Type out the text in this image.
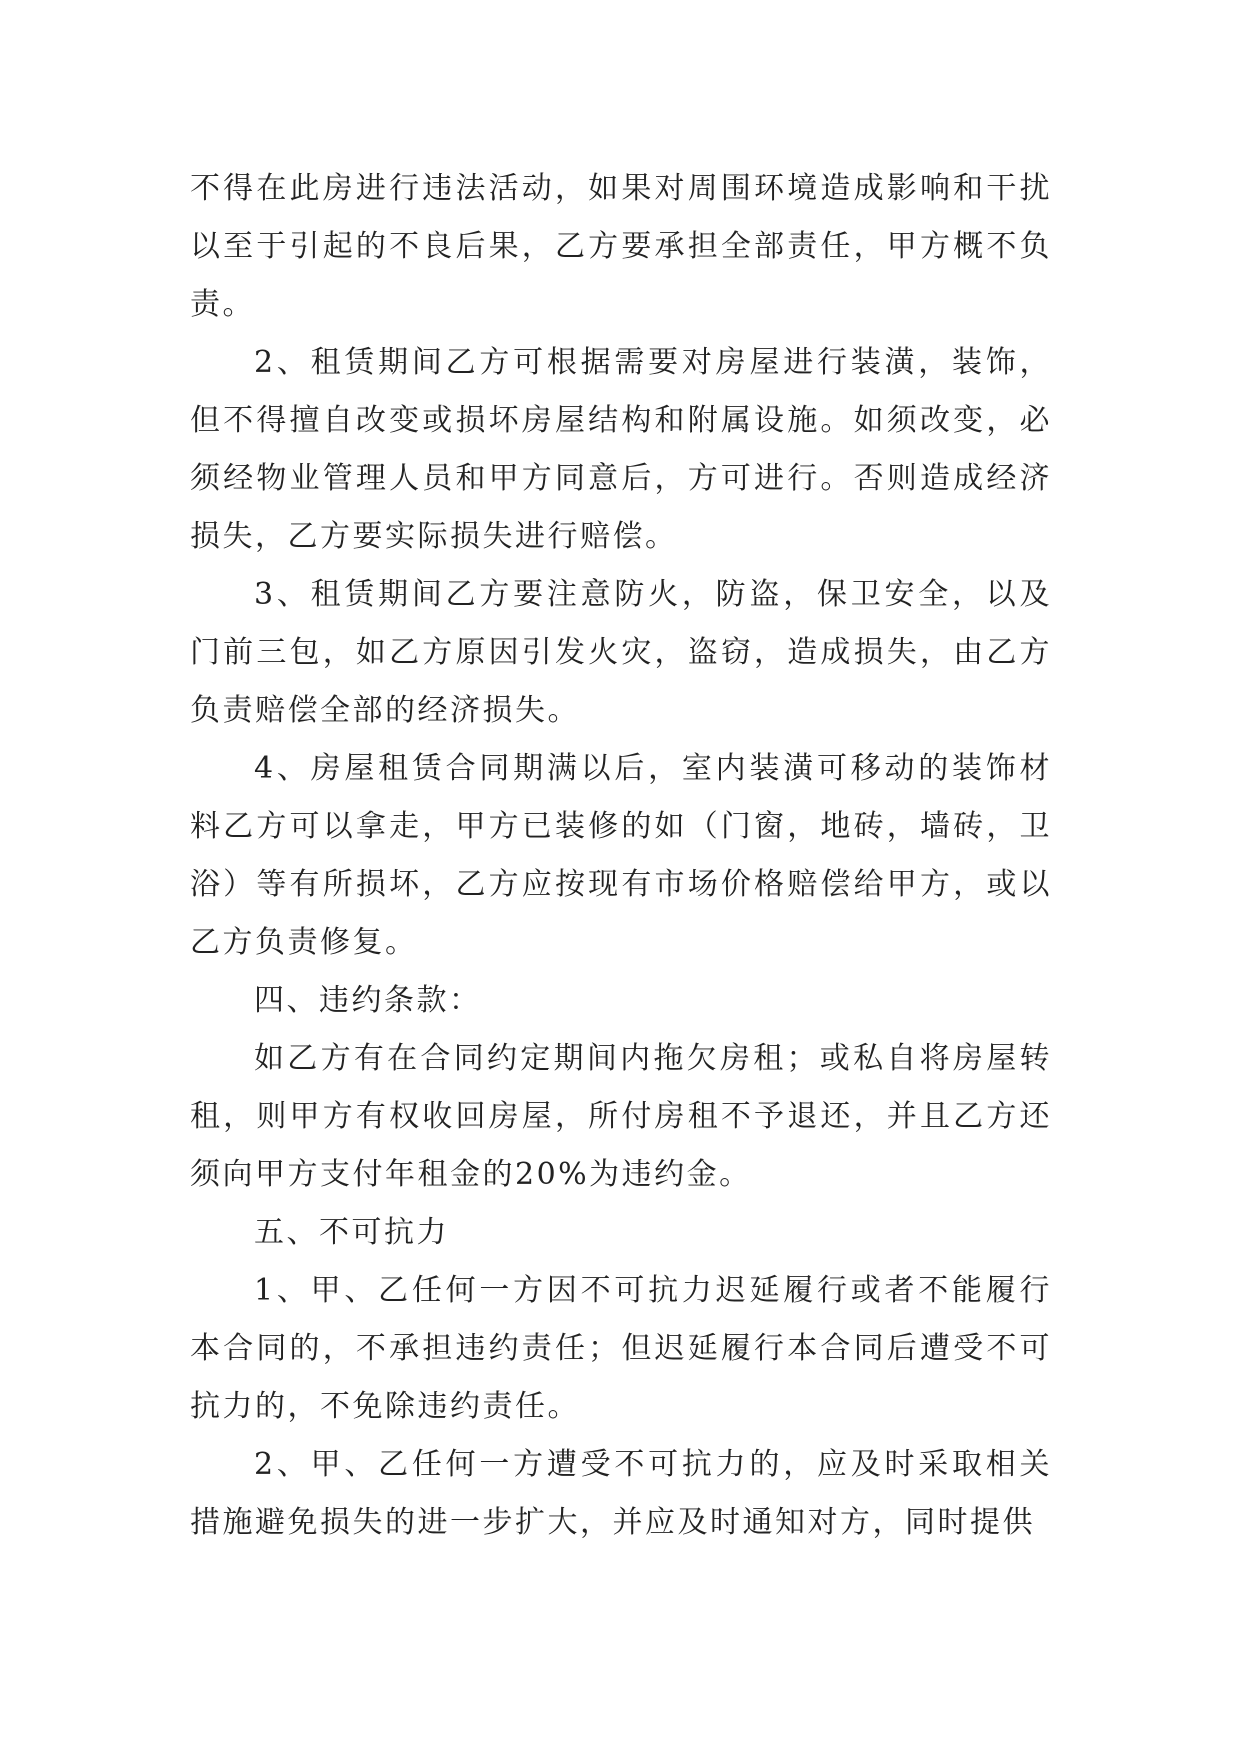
不得在此房进行违法活动，如果对周围环境造成影响和干扰以至于引起的不良后果，乙方要承担全部责任，甲方概不负责。

2、租赁期间乙方可根据需要对房屋进行装潢，装饰，但不得擅自改变或损坏房屋结构和附属设施。如须改变，必须经物业管理人员和甲方同意后，方可进行。否则造成经济损失，乙方要实际损失进行赔偿。

3、租赁期间乙方要注意防火，防盗，保卫安全，以及门前三包，如乙方原因引发火灾，盗窃，造成损失，由乙方负责赔偿全部的经济损失。

4、房屋租赁合同期满以后，室内装潢可移动的装饰材料乙方可以拿走，甲方已装修的如（门窗，地砖，墙砖，卫浴）等有所损坏，乙方应按现有市场价格赔偿给甲方，或以乙方负责修复。

四、违约条款：

如乙方有在合同约定期间内拖欠房租；或私自将房屋转租，则甲方有权收回房屋，所付房租不予退还，并且乙方还须向甲方支付年租金的20%为违约金。

五、不可抗力

1、甲、乙任何一方因不可抗力迟延履行或者不能履行本合同的，不承担违约责任；但迟延履行本合同后遭受不可抗力的，不免除违约责任。

2、甲、乙任何一方遭受不可抗力的，应及时采取相关措施避免损失的进一步扩大，并应及时通知对方，同时提供
